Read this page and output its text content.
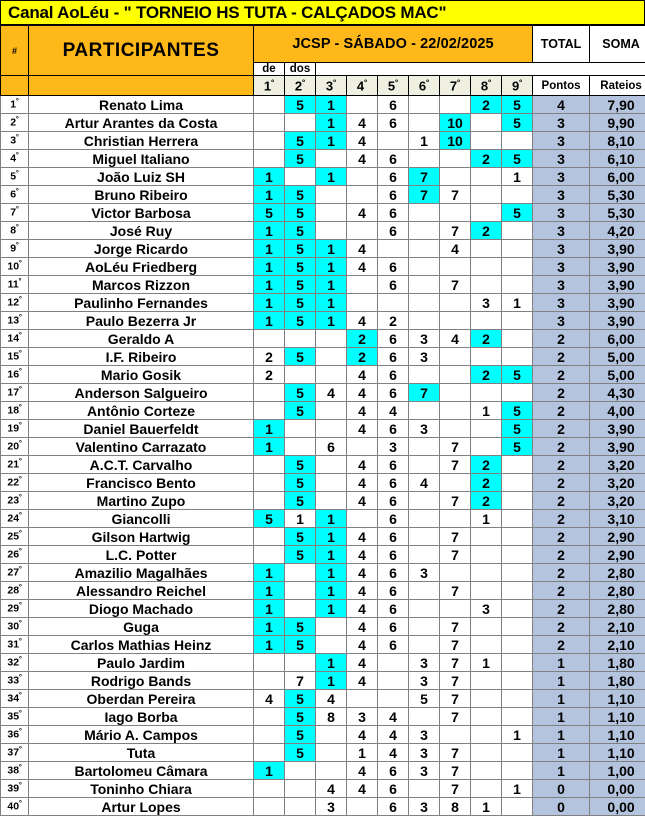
Canal AoLéu - " TORNEIO HS TUTA - CALÇADOS MAC"
#	PARTICIPANTES	JCSP - SÁBADO - 22/02/2025									TOTAL	SOMA
		de	dos									
		$1^º$	$2^º$	$3^º$	$4^º$	$5^º$	$6^º$	$7^º$	$8^º$	$9^º$	Pontos	Rateios
$1^º$	Renato Lima		5	1		6			2	5	4	7,90
$2^º$	Artur Arantes da Costa			1	4	6		10		5	3	9,90
$3^º$	Christian Herrera		5	1	4		1	10			3	8,10
$4^º$	Miguel Italiano		5		4	6			2	5	3	6,10
$5^º$	João Luiz SH	1		1		6	7			1	3	6,00
$6^º$	Bruno Ribeiro	1	5			6	7	7			3	5,30
$7^º$	Victor Barbosa	5	5		4	6				5	3	5,30
$8^º$	José Ruy	1	5			6		7	2		3	4,20
$9^º$	Jorge Ricardo	1	5	1	4			4			3	3,90
$10^º$	AoLéu Friedberg	1	5	1	4	6					3	3,90
$11^º$	Marcos Rizzon	1	5	1		6		7			3	3,90
$12^º$	Paulinho Fernandes	1	5	1					3	1	3	3,90
$13^º$	Paulo Bezerra Jr	1	5	1	4	2					3	3,90
$14^º$	Geraldo A				2	6	3	4	2		2	6,00
$15^º$	I.F. Ribeiro	2	5		2	6	3				2	5,00
$16^º$	Mario Gosik	2			4	6			2	5	2	5,00
$17^º$	Anderson Salgueiro		5	4	4	6	7				2	4,30
$18^º$	Antônio Corteze		5		4	4			1	5	2	4,00
$19^º$	Daniel Bauerfeldt	1			4	6	3			5	2	3,90
$20^º$	Valentino Carrazato	1		6		3		7		5	2	3,90
$21^º$	A.C.T. Carvalho		5		4	6		7	2		2	3,20
$22^º$	Francisco Bento		5		4	6	4		2		2	3,20
$23^º$	Martino Zupo		5		4	6		7	2		2	3,20
$24^º$	Giancolli	5	1	1		6			1		2	3,10
$25^º$	Gilson Hartwig		5	1	4	6		7			2	2,90
$26^º$	L.C. Potter		5	1	4	6		7			2	2,90
$27^º$	Amazilio Magalhães	1		1	4	6	3				2	2,80
$28^º$	Alessandro Reichel	1		1	4	6		7			2	2,80
$29^º$	Diogo Machado	1		1	4	6			3		2	2,80
$30^º$	Guga	1	5		4	6		7			2	2,10
$31^º$	Carlos Mathias Heinz	1	5		4	6		7			2	2,10
$32^º$	Paulo Jardim			1	4		3	7	1		1	1,80
$33^º$	Rodrigo Bands		7	1	4		3	7			1	1,80
$34^º$	Oberdan Pereira	4	5	4			5	7			1	1,10
$35^º$	Iago Borba		5	8	3	4		7			1	1,10
$36^º$	Mário A. Campos		5		4	4	3			1	1	1,10
$37^º$	Tuta		5		1	4	3	7			1	1,10
$38^º$	Bartolomeu Câmara	1			4	6	3	7			1	1,00
$39^º$	Toninho Chiara			4	4	6		7		1	0	0,00
$40^º$	Artur Lopes			3		6	3	8	1		0	0,00
